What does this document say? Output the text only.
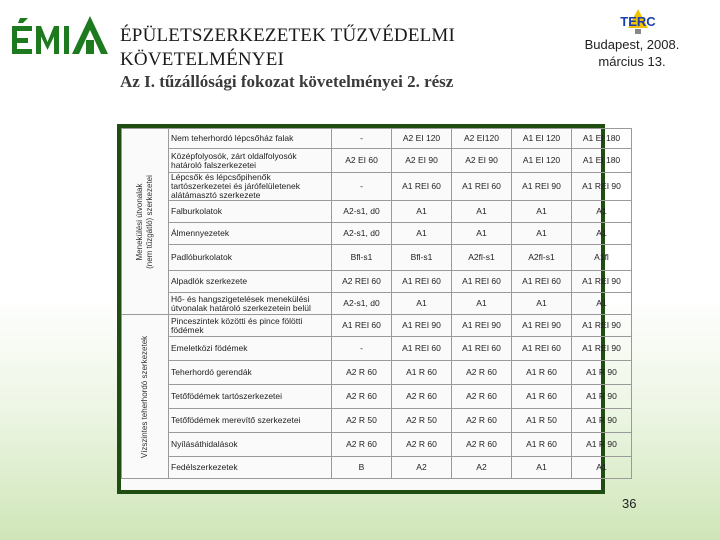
ÉPÜLETSZERKEZETEK TŰZVÉDELMI KÖVETELMÉNYEI
Az I. tűzállósági fokozat követelményei 2. rész
TERC
Budapest, 2008.
március 13.
Menekülési útvonalak (nem tűzgátló) szerkezetei	Nem teherhordó lépcsőház falak	-	A2 EI 120	A2 EI120	A1 EI 120	A1 EI 180
	Középfolyosók, zárt oldalfolyosók határoló falszerkezetei	A2 EI 60	A2 EI 90	A2 EI 90	A1 EI 120	A1 EI 180
	Lépcsők és lépcsőpihenők tartószerkezetei és járófelületenek alátámasztó szerkezete	-	A1 REI 60	A1 REI 60	A1 REI 90	A1 REI 90
	Falburkolatok	A2-s1, d0	A1	A1	A1	A1
	Álmennyezetek	A2-s1, d0	A1	A1	A1	A1
	Padlóburkolatok	Bfl-s1	Bfl-s1	A2fl-s1	A2fl-s1	A1fl
	Alpadlók szerkezete	A2 REI 60	A1 REI 60	A1 REI 60	A1 REI 60	A1 REI 90
	Hő- és hangszigetelések menekülési útvonalak határoló szerkezetein belül	A2-s1, d0	A1	A1	A1	A1

Vízszintes teherhordó szerkezetek	Pinceszintek közötti és pince fölötti födémek	A1 REI 60	A1 REI 90	A1 REI 90	A1 REI 90	A1 REI 90
	Emeletközi födémek	-	A1 REI 60	A1 REI 60	A1 REI 60	A1 REI 90
	Teherhordó gerendák	A2 R 60	A1 R 60	A2 R 60	A1 R 60	A1 R 90
	Tetőfödémek tartószerkezetei	A2 R 60	A2 R 60	A2 R 60	A1 R 60	A1 R 90
	Tetőfödémek merevítő szerkezetei	A2 R 50	A2 R 50	A2 R 60	A1 R 50	A1 R 90
	Nyílásáthidalások	A2 R 60	A2 R 60	A2 R 60	A1 R 60	A1 R 90
	Fedélszerkezetek	B	A2	A2	A1	A1
36
